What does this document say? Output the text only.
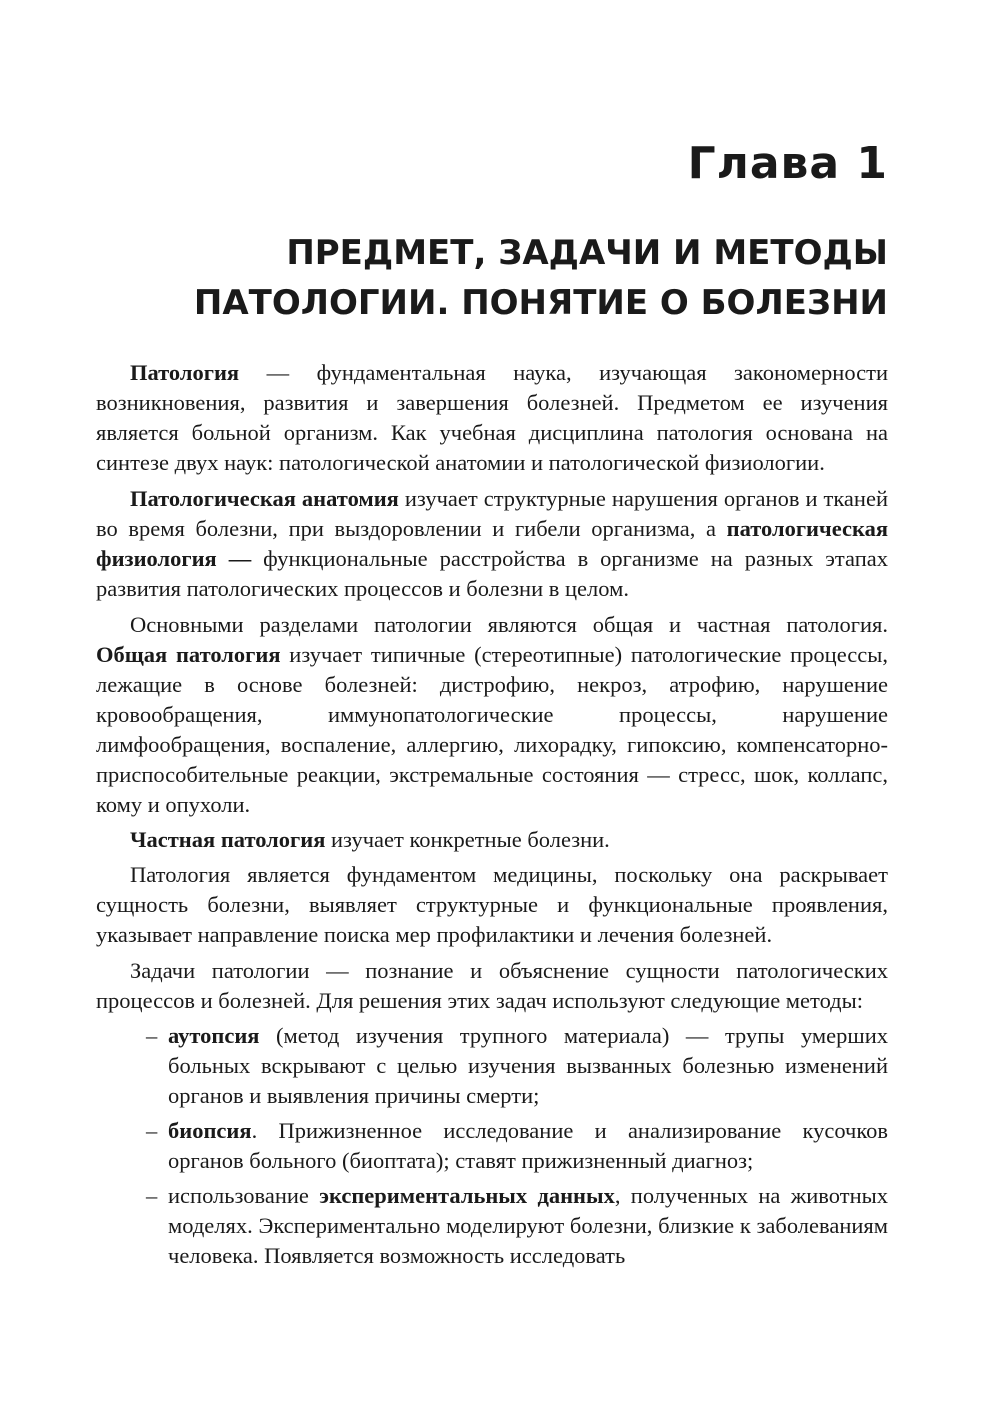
Глава 1
ПРЕДМЕТ, ЗАДАЧИ И МЕТОДЫ
ПАТОЛОГИИ. ПОНЯТИЕ О БОЛЕЗНИ

Патология — фундаментальная наука, изучающая закономерности возникновения, развития и завершения болезней. Предметом ее изучения является больной организм. Как учебная дисциплина патология основана на синтезе двух наук: патологической анатомии и патологической физиологии.

Патологическая анатомия изучает структурные нарушения органов и тканей во время болезни, при выздоровлении и гибели организма, а патологическая физиология — функциональные расстройства в организме на разных этапах развития патологических процессов и болезни в целом.

Основными разделами патологии являются общая и частная патология. Общая патология изучает типичные (стереотипные) патологические процессы, лежащие в основе болезней: дистрофию, некроз, атрофию, нарушение кровообращения, иммунопатологические процессы, нарушение лимфообращения, воспаление, аллергию, лихорадку, гипоксию, компенсаторно-приспособительные реакции, экстремальные состояния — стресс, шок, коллапс, кому и опухоли.

Частная патология изучает конкретные болезни.

Патология является фундаментом медицины, поскольку она раскрывает сущность болезни, выявляет структурные и функциональные проявления, указывает направление поиска мер профилактики и лечения болезней.

Задачи патологии — познание и объяснение сущности патологических процессов и болезней. Для решения этих задач используют следующие методы:

– аутопсия (метод изучения трупного материала) — трупы умерших больных вскрывают с целью изучения вызванных болезнью изменений органов и выявления причины смерти;
– биопсия. Прижизненное исследование и анализирование кусочков органов больного (биоптата); ставят прижизненный диагноз;
– использование экспериментальных данных, полученных на животных моделях. Экспериментально моделируют болезни, близкие к заболеваниям человека. Появляется возможность исследовать
